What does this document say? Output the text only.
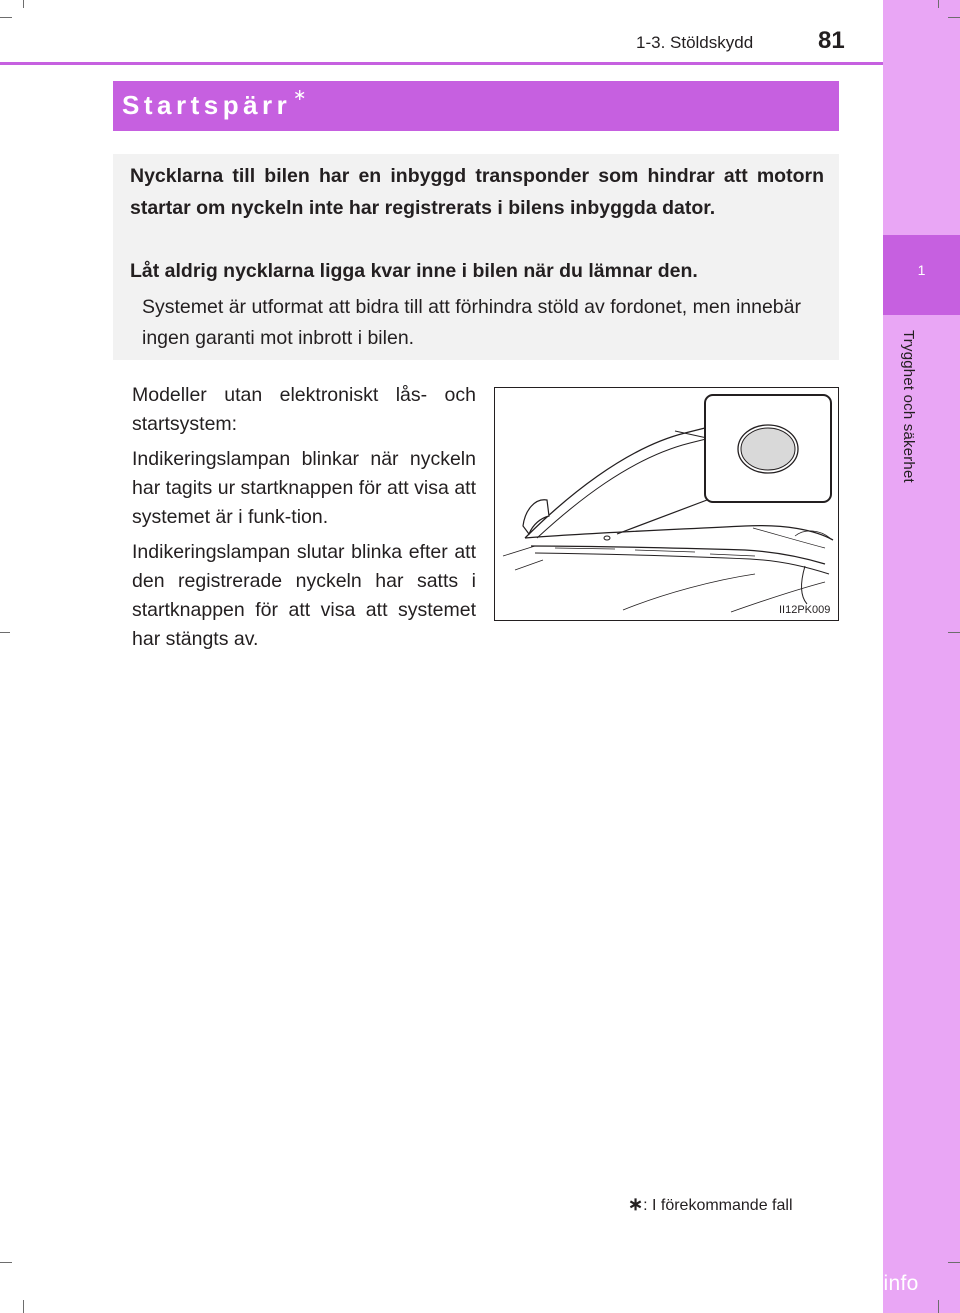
1
Trygghet och säkerhet
1-3. Stöldskydd	81
Startspärr ∗
Nycklarna till bilen har en inbyggd transponder som hindrar att motorn startar om nyckeln inte har registrerats i bilens inbyggda dator.
Låt aldrig nycklarna ligga kvar inne i bilen när du lämnar den.
Systemet är utformat att bidra till att förhindra stöld av fordonet, men innebär ingen garanti mot inbrott i bilen.

Modeller utan elektroniskt lås- och startsystem:

Indikeringslampan blinkar när nyckeln har tagits ur startknappen för att visa att systemet är i funk-tion.

Indikeringslampan slutar blinka efter att den registrerade nyckeln har satts i startknappen för att visa att systemet har stängts av.

II12PK009
∗: I förekommande fall
carmanualsonline.info
